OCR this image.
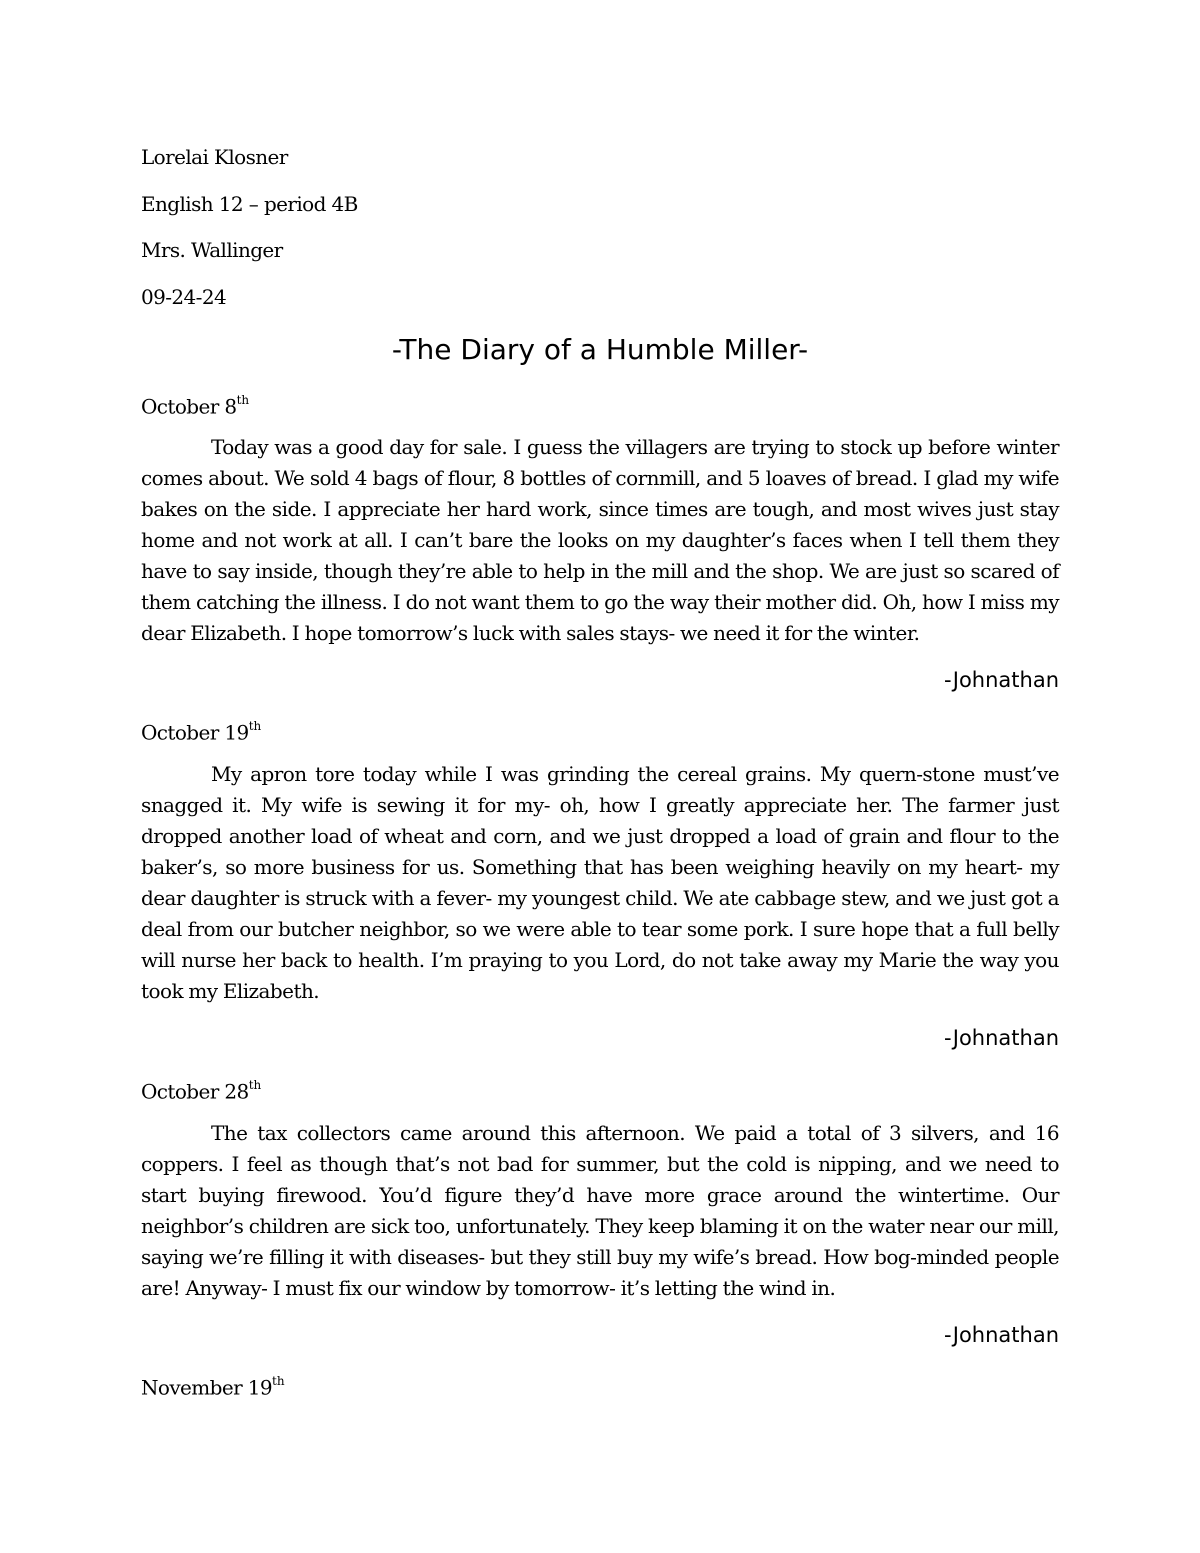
Lorelai Klosner
English 12 – period 4B
Mrs. Wallinger
09-24-24
-The Diary of a Humble Miller-
October 8th

Today was a good day for sale. I guess the villagers are trying to stock up before winter comes about. We sold 4 bags of flour, 8 bottles of cornmill, and 5 loaves of bread. I glad my wife bakes on the side. I appreciate her hard work, since times are tough, and most wives just stay home and not work at all. I can’t bare the looks on my daughter’s faces when I tell them they have to say inside, though they’re able to help in the mill and the shop. We are just so scared of them catching the illness. I do not want them to go the way their mother did. Oh, how I miss my dear Elizabeth. I hope tomorrow’s luck with sales stays- we need it for the winter.

-Johnathan
October 19th

My apron tore today while I was grinding the cereal grains. My quern-stone must’ve snagged it. My wife is sewing it for my- oh, how I greatly appreciate her. The farmer just dropped another load of wheat and corn, and we just dropped a load of grain and flour to the baker’s, so more business for us. Something that has been weighing heavily on my heart- my dear daughter is struck with a fever- my youngest child. We ate cabbage stew, and we just got a deal from our butcher neighbor, so we were able to tear some pork. I sure hope that a full belly will nurse her back to health. I’m praying to you Lord, do not take away my Marie the way you took my Elizabeth.

-Johnathan
October 28th

The tax collectors came around this afternoon. We paid a total of 3 silvers, and 16 coppers. I feel as though that’s not bad for summer, but the cold is nipping, and we need to start buying firewood. You’d figure they’d have more grace around the wintertime. Our neighbor’s children are sick too, unfortunately. They keep blaming it on the water near our mill, saying we’re filling it with diseases- but they still buy my wife’s bread. How bog-minded people are! Anyway- I must fix our window by tomorrow- it’s letting the wind in.

-Johnathan
November 19th
